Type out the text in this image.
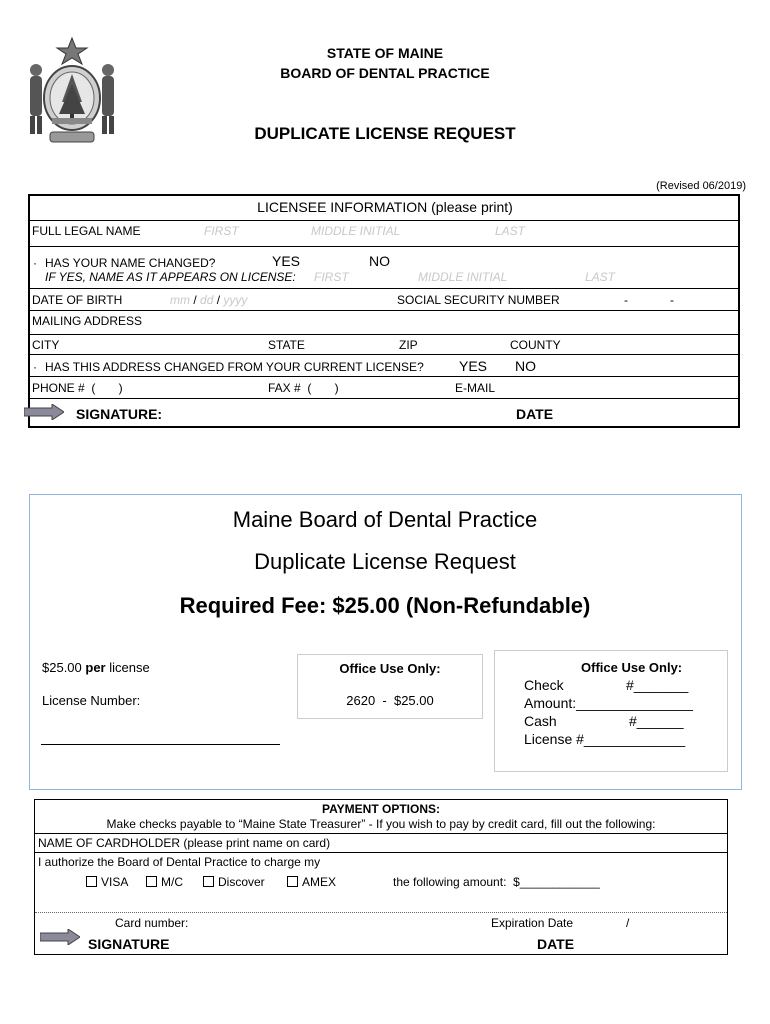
STATE OF MAINE
BOARD OF DENTAL PRACTICE
DUPLICATE LICENSE REQUEST
(Revised 06/2019)
LICENSEE INFORMATION (please print)
FULL LEGAL NAME	FIRST	MIDDLE INITIAL	LAST
· HAS YOUR NAME CHANGED?	YES	NO
IF YES, NAME AS IT APPEARS ON LICENSE: FIRST	MIDDLE INITIAL	LAST
DATE OF BIRTH	mm / dd / yyyy	SOCIAL SECURITY NUMBER	-	-
MAILING ADDRESS
CITY	STATE	ZIP	COUNTY
· HAS THIS ADDRESS CHANGED FROM YOUR CURRENT LICENSE?	YES NO
PHONE #  (       )	FAX #  (       )	E-MAIL
SIGNATURE:	DATE
Maine Board of Dental Practice
Duplicate License Request
Required Fee: $25.00 (Non-Refundable)
$25.00 per license
License Number:
Office Use Only:
2620  -  $25.00
Office Use Only:
Check	#_______
Amount:_______________
Cash	#______
License #_____________
PAYMENT OPTIONS:
Make checks payable to “Maine State Treasurer” - If you wish to pay by credit card, fill out the following:
NAME OF CARDHOLDER (please print name on card)
I authorize the Board of Dental Practice to charge my
VISA	M/C	Discover	AMEX	the following amount:  $____________
Card number:	Expiration Date	/
SIGNATURE	DATE
